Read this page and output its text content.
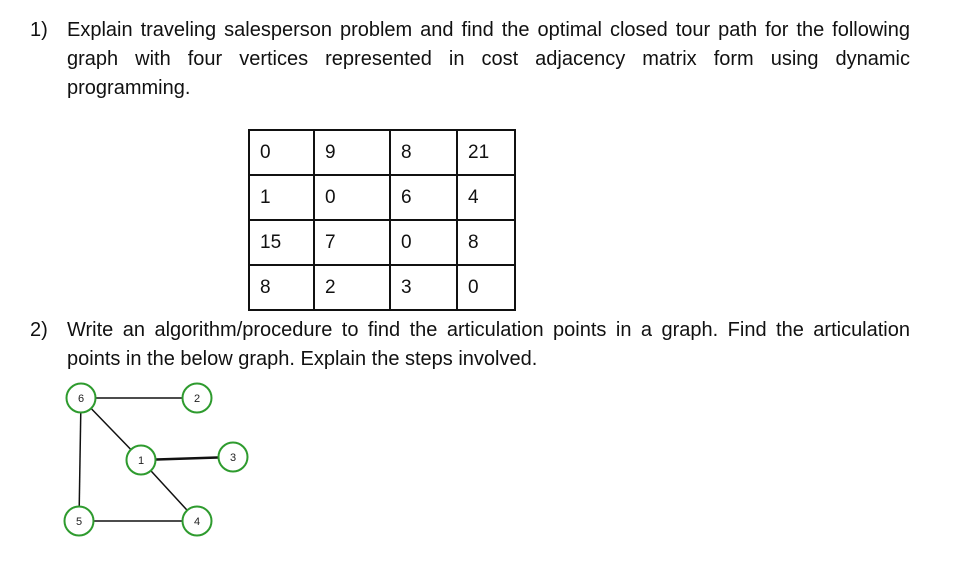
1) Explain traveling salesperson problem and find the optimal closed tour path for the following graph with four vertices represented in cost adjacency matrix form using dynamic programming.
0	9	8	21
1	0	6	4
15	7	0	8
8	2	3	0
2) Write an algorithm/procedure to find the articulation points in a graph. Find the articulation points in the below graph. Explain the steps involved.
6	2
1	3
5	4
